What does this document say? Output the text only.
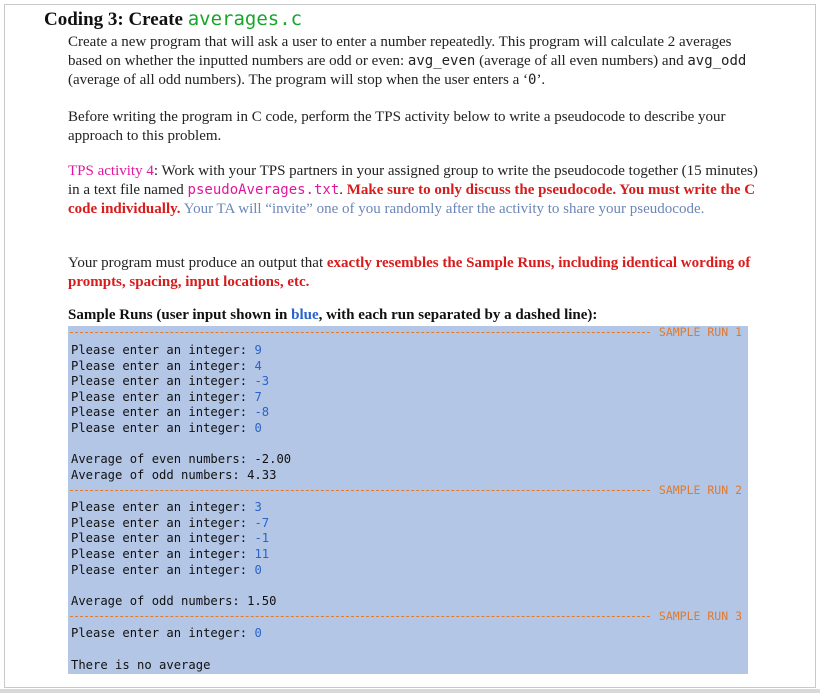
Coding 3: Create averages.c
Create a new program that will ask a user to enter a number repeatedly. This program will calculate 2 averages based on whether the inputted numbers are odd or even: avg_even (average of all even numbers) and avg_odd (average of all odd numbers). The program will stop when the user enters a ‘0’.
Before writing the program in C code, perform the TPS activity below to write a pseudocode to describe your approach to this problem.
TPS activity 4: Work with your TPS partners in your assigned group to write the pseudocode together (15 minutes) in a text file named pseudoAverages.txt. Make sure to only discuss the pseudocode. You must write the C code individually. Your TA will “invite” one of you randomly after the activity to share your pseudocode.
Your program must produce an output that exactly resembles the Sample Runs, including identical wording of prompts, spacing, input locations, etc.
Sample Runs (user input shown in blue, with each run separated by a dashed line):
SAMPLE RUN 1
Please enter an integer: 9
Please enter an integer: 4
Please enter an integer: -3
Please enter an integer: 7
Please enter an integer: -8
Please enter an integer: 0
Average of even numbers: -2.00
Average of odd numbers: 4.33
SAMPLE RUN 2
Please enter an integer: 3
Please enter an integer: -7
Please enter an integer: -1
Please enter an integer: 11
Please enter an integer: 0
Average of odd numbers: 1.50
SAMPLE RUN 3
Please enter an integer: 0
There is no average
